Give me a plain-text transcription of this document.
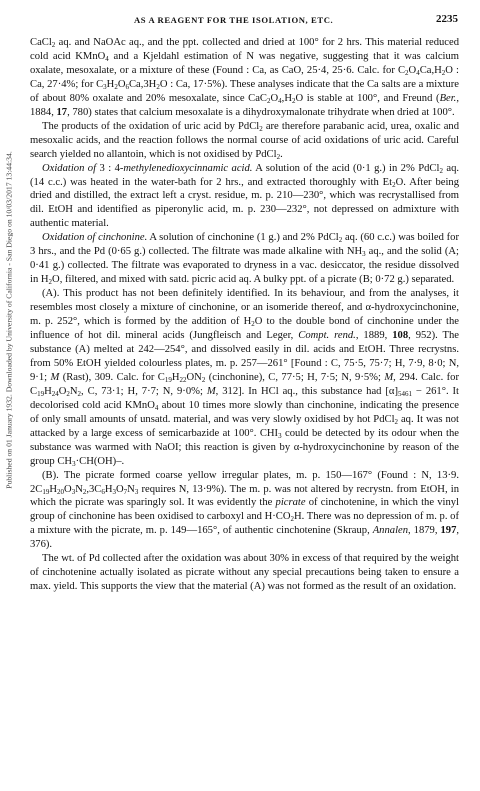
Published on 01 January 1932. Downloaded by University of California - San Diego on 10/03/2017 13:44:34.
AS A REAGENT FOR THE ISOLATION, ETC.	2235

CaCl$_2$ aq. and NaOAc aq., and the ppt. collected and dried at 100° for 2 hrs. This material reduced cold acid KMnO$_4$ and a Kjeldahl estimation of N was negative, suggesting that it was calcium oxalate, mesoxalate, or a mixture of these (Found : Ca, as CaO, 25·4, 25·6. Calc. for $C_2O_4Ca,H_2O$ : Ca, 27·4%; for $C_3H_2O_6Ca,3H_2O$ : Ca, 17·5%). These analyses indicate that the Ca salts are a mixture of about 80% oxalate and 20% mesoxalate, since $CaC_2O_4,H_2O$ is stable at 100°, and Freund (Ber., 1884, 17, 780) states that calcium mesoxalate is a dihydroxymalonate trihydrate when dried at 100°.

The products of the oxidation of uric acid by PdCl$_2$ are therefore parabanic acid, urea, oxalic and mesoxalic acids, and the reaction follows the normal course of acid oxidations of uric acid. Careful search yielded no allantoin, which is not oxidised by PdCl$_2$.

Oxidation of 3 : 4-methylenedioxycinnamic acid. A solution of the acid (0·1 g.) in 2% PdCl$_2$ aq. (14 c.c.) was heated in the water-bath for 2 hrs., and extracted thoroughly with $Et_2O$. After being dried and distilled, the extract left a cryst. residue, m. p. 210—230°, which was recrystallised from dil. EtOH and identified as piperonylic acid, m. p. 230—232°, not depressed on admixture with authentic material.

Oxidation of cinchonine. A solution of cinchonine (1 g.) and 2% PdCl$_2$ aq. (60 c.c.) was boiled for 3 hrs., and the Pd (0·65 g.) collected. The filtrate was made alkaline with $NH_3$ aq., and the solid (A; 0·41 g.) collected. The filtrate was evaporated to dryness in a vac. desiccator, the residue dissolved in $H_2O$, filtered, and mixed with satd. picric acid aq. A bulky ppt. of a picrate (B; 0·72 g.) separated.

(A). This product has not been definitely identified. In its behaviour, and from the analyses, it resembles most closely a mixture of cinchonine, or an isomeride thereof, and α-hydroxycinchonine, m. p. 252°, which is formed by the addition of $H_2O$ to the double bond of cinchonine under the influence of hot dil. mineral acids (Jungfleisch and Leger, Compt. rend., 1889, 108, 952). The substance (A) melted at 242—254°, and dissolved easily in dil. acids and EtOH. Three recrystns. from 50% EtOH yielded colourless plates, m. p. 257—261° [Found : C, 75·5, 75·7; H, 7·9, 8·0; N, 9·1; M (Rast), 309. Calc. for $C_{19}H_{22}ON_2$ (cinchonine), C, 77·5; H, 7·5; N, 9·5%; M, 294. Calc. for $C_{19}H_{24}O_2N_2$, C, 73·1; H, 7·7; N, 9·0%; M, 312]. In HCl aq., this substance had $[\alpha]_{5461} - 261^\circ$. It decolorised cold acid KMnO$_4$ about 10 times more slowly than cinchonine, indicating the presence of only small amounts of unsatd. material, and was very slowly oxidised by hot PdCl$_2$ aq. It was not attacked by a large excess of semicarbazide at 100°. $CHI_3$ could be detected by its odour when the substance was warmed with NaOI; this reaction is given by α-hydroxycinchonine by reason of the group $CH_3\cdot CH(OH)-$.

(B). The picrate formed coarse yellow irregular plates, m. p. 150—167° (Found : N, 13·9. $2C_{19}H_{20}O_3N_2,3C_6H_3O_7N_3$ requires N, 13·9%). The m. p. was not altered by recrystn. from EtOH, in which the picrate was sparingly sol. It was evidently the picrate of cinchotenine, in which the vinyl group of cinchonine has been oxidised to carboxyl and $H\cdot CO_2H$. There was no depression of m. p. of a mixture with the picrate, m. p. 149—165°, of authentic cinchotenine (Skraup, Annalen, 1879, 197, 376).

The wt. of Pd collected after the oxidation was about 30% in excess of that required by the weight of cinchotenine actually isolated as picrate without any special precautions being taken to ensure a max. yield. This supports the view that the material (A) was not formed as the result of an oxidation.
